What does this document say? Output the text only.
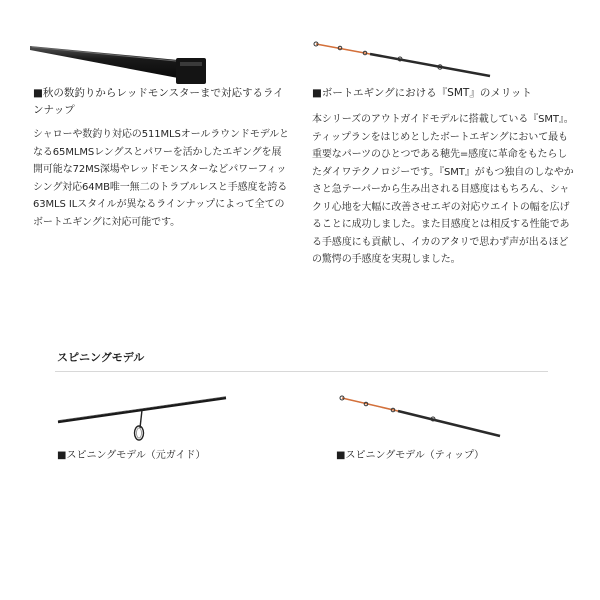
■秋の数釣りからレッドモンスターまで対応するラインナップ
シャローや数釣り対応の511MLSオールラウンドモデルとなる65MLMSレングスとパワーを活かしたエギングを展開可能な72MS深場やレッドモンスターなどパワーフィッシング対応64MB唯一無二のトラブルレスと手感度を誇る63MLS ILスタイルが異なるラインナップによって全てのボートエギングに対応可能です。
■ボートエギングにおける『SMT』のメリット
本シリーズのアウトガイドモデルに搭載している『SMT』。ティップランをはじめとしたボートエギングにおいて最も重要なパーツのひとつである穂先=感度に革命をもたらしたダイワテクノロジーです。『SMT』がもつ独自のしなやかさと急テーパーから生み出される目感度はもちろん、シャクリ心地を大幅に改善させエギの対応ウエイトの幅を広げることに成功しました。また目感度とは相反する性能である手感度にも貢献し、イカのアタリで思わず声が出るほどの驚愕の手感度を実現しました。
スピニングモデル
■スピニングモデル（元ガイド）	■スピニングモデル（ティップ）
